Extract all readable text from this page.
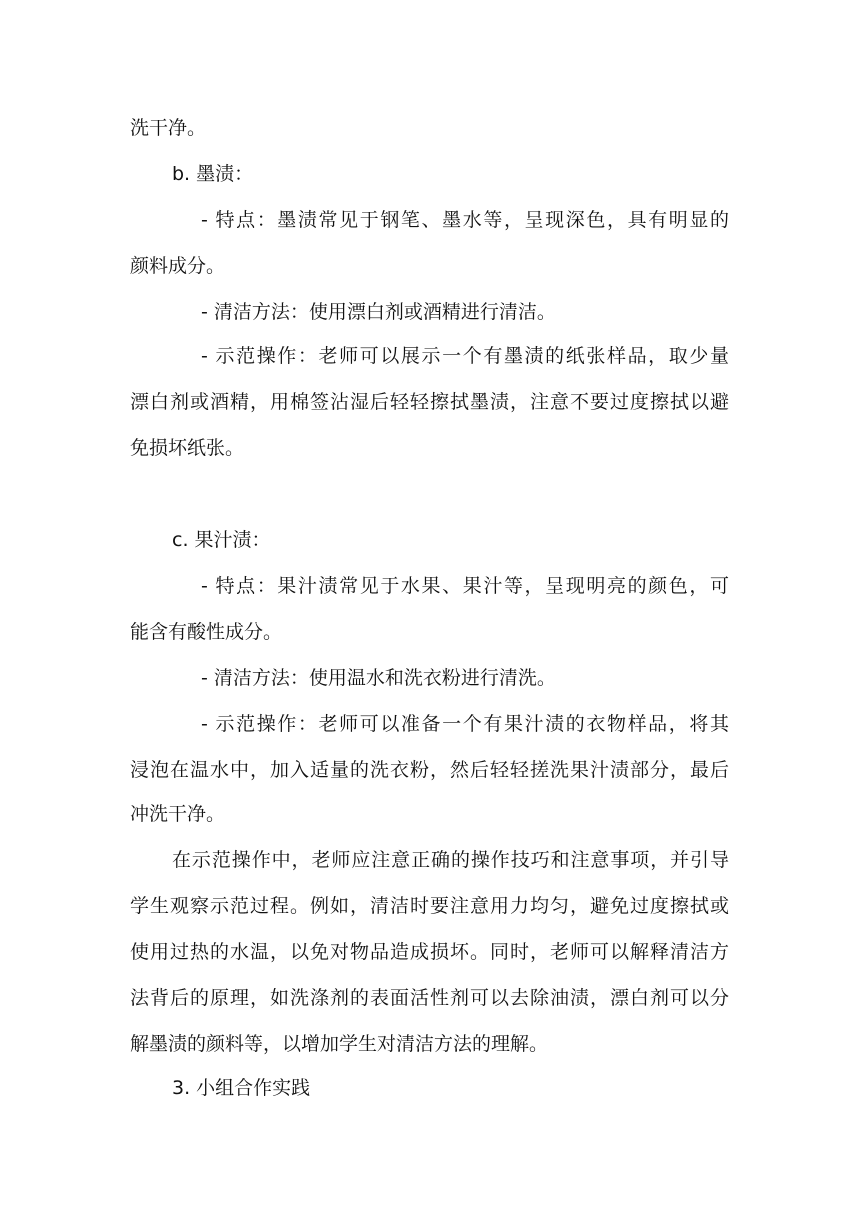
洗干净。
b. 墨渍：
- 特点：墨渍常见于钢笔、墨水等，呈现深色，具有明显的
颜料成分。
- 清洁方法：使用漂白剂或酒精进行清洁。
- 示范操作：老师可以展示一个有墨渍的纸张样品，取少量
漂白剂或酒精，用棉签沾湿后轻轻擦拭墨渍，注意不要过度擦拭以避
免损坏纸张。
c. 果汁渍：
- 特点：果汁渍常见于水果、果汁等，呈现明亮的颜色，可
能含有酸性成分。
- 清洁方法：使用温水和洗衣粉进行清洗。
- 示范操作：老师可以准备一个有果汁渍的衣物样品，将其
浸泡在温水中，加入适量的洗衣粉，然后轻轻搓洗果汁渍部分，最后
冲洗干净。
在示范操作中，老师应注意正确的操作技巧和注意事项，并引导
学生观察示范过程。例如，清洁时要注意用力均匀，避免过度擦拭或
使用过热的水温，以免对物品造成损坏。同时，老师可以解释清洁方
法背后的原理，如洗涤剂的表面活性剂可以去除油渍，漂白剂可以分
解墨渍的颜料等，以增加学生对清洁方法的理解。
3. 小组合作实践
